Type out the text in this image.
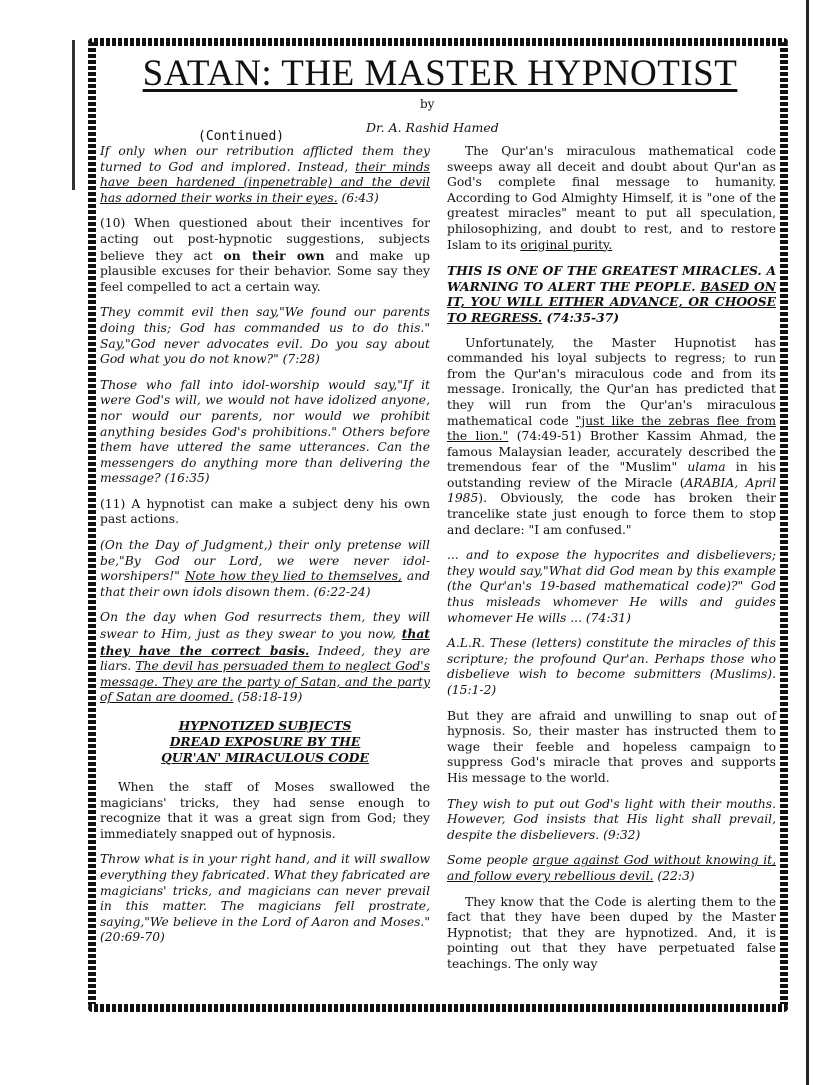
SATAN: THE MASTER HYPNOTIST
by
Dr. A. Rashid Hamed
(Continued)

If only when our retribution afflicted them they turned to God and implored. Instead, their minds have been hardened (inpenetrable) and the devil has adorned their works in their eyes. (6:43)

(10) When questioned about their incentives for acting out post-hypnotic suggestions, subjects believe they act on their own and make up plausible excuses for their behavior. Some say they feel compelled to act a certain way.

They commit evil then say,"We found our parents doing this; God has commanded us to do this." Say,"God never advocates evil. Do you say about God what you do not know?" (7:28)

Those who fall into idol-worship would say,"If it were God's will, we would not have idolized anyone, nor would our parents, nor would we prohibit anything besides God's prohibitions." Others before them have uttered the same utterances. Can the messengers do anything more than delivering the message? (16:35)

(11) A hypnotist can make a subject deny his own past actions.

(On the Day of Judgment,) their only pretense will be,"By God our Lord, we were never idol-worshipers!" Note how they lied to themselves, and that their own idols disown them. (6:22-24)

On the day when God resurrects them, they will swear to Him, just as they swear to you now, that they have the correct basis. Indeed, they are liars. The devil has persuaded them to neglect God's message. They are the party of Satan, and the party of Satan are doomed. (58:18-19)

HYPNOTIZED SUBJECTS
DREAD EXPOSURE BY THE
QUR'AN' MIRACULOUS CODE

When the staff of Moses swallowed the magicians' tricks, they had sense enough to recognize that it was a great sign from God; they immediately snapped out of hypnosis.

Throw what is in your right hand, and it will swallow everything they fabricated. What they fabricated are magicians' tricks, and magicians can never prevail in this matter. The magicians fell prostrate, saying,"We believe in the Lord of Aaron and Moses." (20:69-70)

The Qur'an's miraculous mathematical code sweeps away all deceit and doubt about Qur'an as God's complete final message to humanity. According to God Almighty Himself, it is "one of the greatest miracles" meant to put all speculation, philosophizing, and doubt to rest, and to restore Islam to its original purity.

THIS IS ONE OF THE GREATEST MIRACLES. A WARNING TO ALERT THE PEOPLE. BASED ON IT, YOU WILL EITHER ADVANCE, OR CHOOSE TO REGRESS. (74:35-37)

Unfortunately, the Master Hupnotist has commanded his loyal subjects to regress; to run from the Qur'an's miraculous code and from its message. Ironically, the Qur'an has predicted that they will run from the Qur'an's miraculous mathematical code "just like the zebras flee from the lion." (74:49-51) Brother Kassim Ahmad, the famous Malaysian leader, accurately described the tremendous fear of the "Muslim" ulama in his outstanding review of the Miracle (ARABIA, April 1985). Obviously, the code has broken their trancelike state just enough to force them to stop and declare: "I am confused."

... and to expose the hypocrites and disbelievers; they would say,"What did God mean by this example (the Qur'an's 19-based mathematical code)?" God thus misleads whomever He wills and guides whomever He wills ... (74:31)

A.L.R. These (letters) constitute the miracles of this scripture; the profound Qur'an. Perhaps those who disbelieve wish to become submitters (Muslims). (15:1-2)

But they are afraid and unwilling to snap out of hypnosis. So, their master has instructed them to wage their feeble and hopeless campaign to suppress God's miracle that proves and supports His message to the world.

They wish to put out God's light with their mouths. However, God insists that His light shall prevail, despite the disbelievers. (9:32)

Some people argue against God without knowing it, and follow every rebellious devil. (22:3)

They know that the Code is alerting them to the fact that they have been duped by the Master Hypnotist; that they are hypnotized. And, it is pointing out that they have perpetuated false teachings. The only way
